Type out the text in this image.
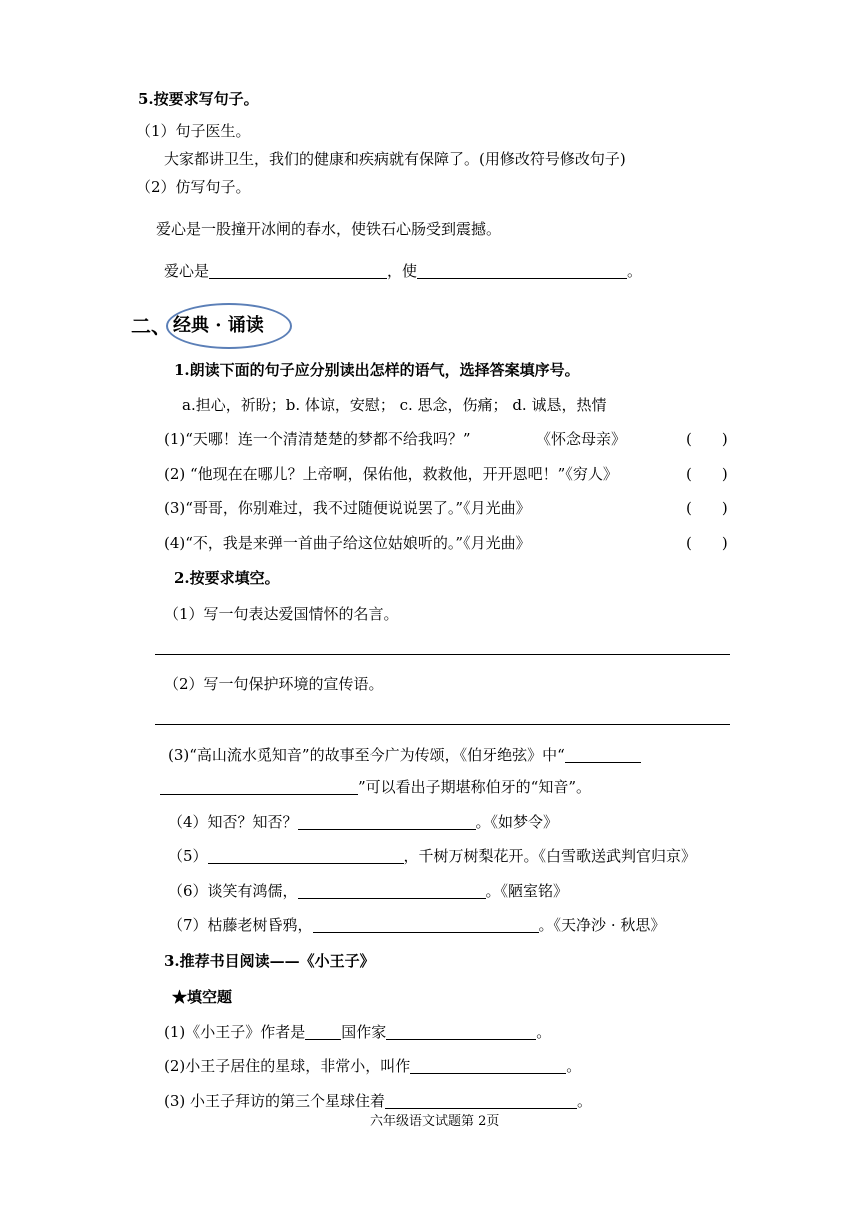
5.按要求写句子。
（1）句子医生。
大家都讲卫生，我们的健康和疾病就有保障了。(用修改符号修改句子)
（2）仿写句子。
爱心是一股撞开冰闸的春水，使铁石心肠受到震撼。
爱心是	，使	。
二、 经典 · 诵读
1.朗读下面的句子应分别读出怎样的语气，选择答案填序号。
a.担心，祈盼；b. 体谅，安慰； c. 思念，伤痛； d. 诚恳，热情
(1)“天哪！连一个清清楚楚的梦都不给我吗？”	《怀念母亲》	(　　)
(2) “他现在在哪儿？上帝啊，保佑他，救救他，开开恩吧！”《穷人》	(　　)
(3)“哥哥，你别难过，我不过随便说说罢了。”《月光曲》	(　　)
(4)“不，我是来弹一首曲子给这位姑娘听的。”《月光曲》	(　　)
2.按要求填空。
（1）写一句表达爱国情怀的名言。
（2）写一句保护环境的宣传语。
(3)“高山流水觅知音”的故事至今广为传颂，《伯牙绝弦》中“
”可以看出子期堪称伯牙的“知音”。
（4）知否？知否？	。《如梦令》
（5）	，千树万树梨花开。《白雪歌送武判官归京》
（6）谈笑有鸿儒，	。《陋室铭》
（7）枯藤老树昏鸦，	。《天净沙 · 秋思》
3.推荐书目阅读——《小王子》
★填空题
(1)《小王子》作者是 国作家	。
(2)小王子居住的星球，非常小，叫作	。
(3) 小王子拜访的第三个星球住着	。
六年级语文试题第 2页
